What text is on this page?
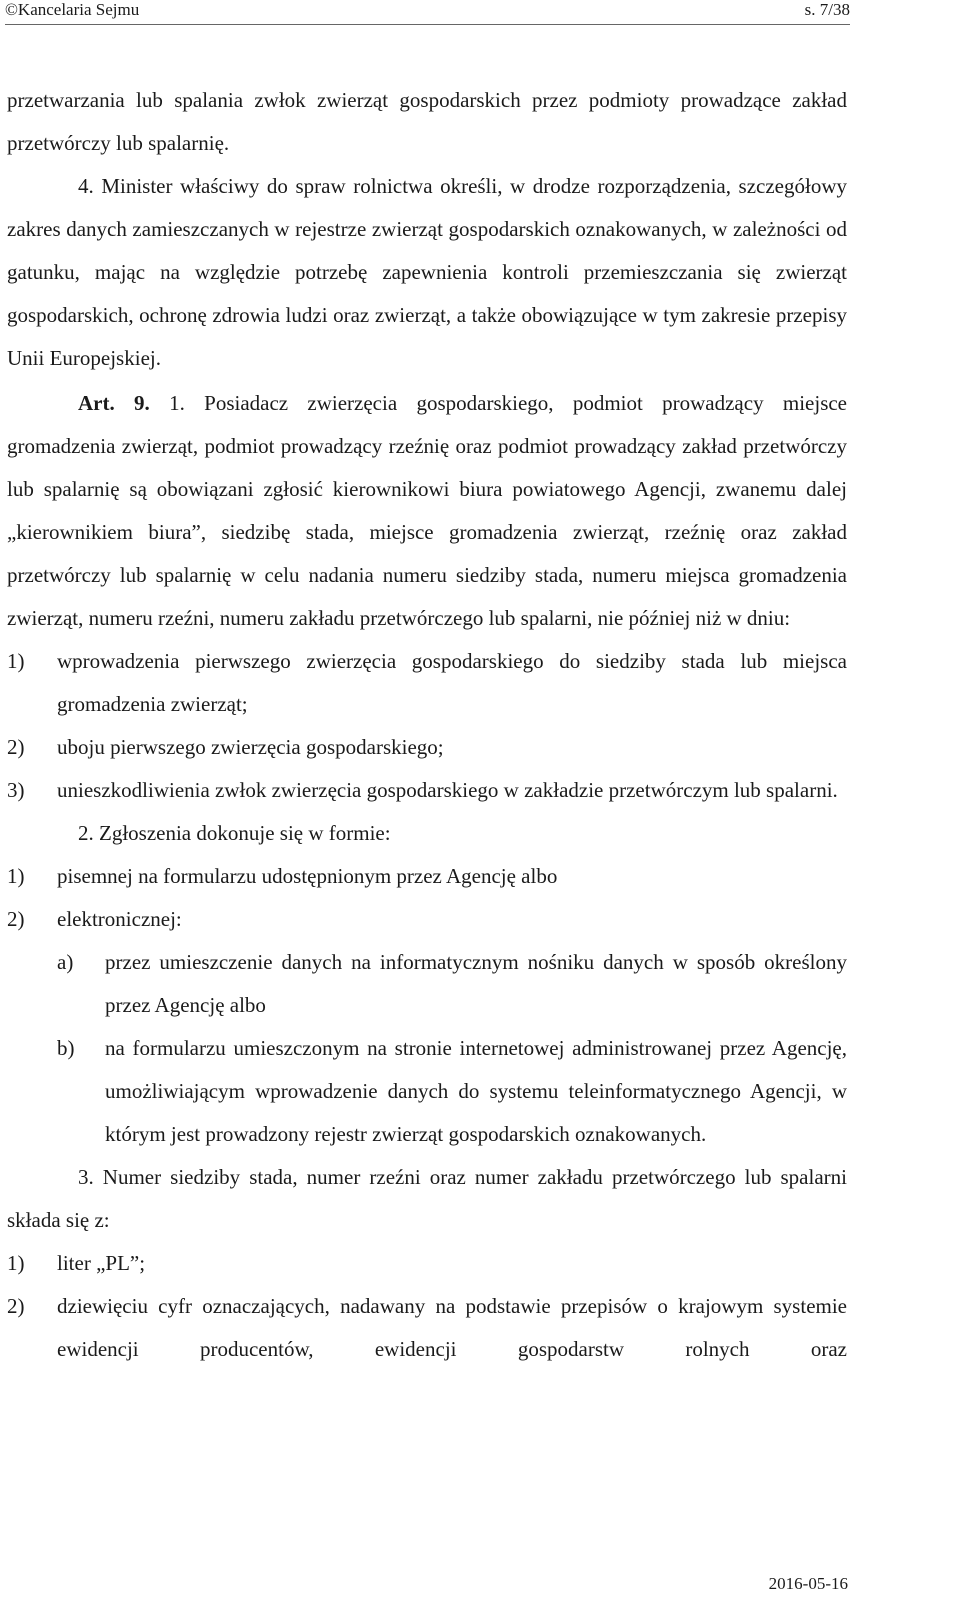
©Kancelaria Sejmu	s. 7/38

przetwarzania lub spalania zwłok zwierząt gospodarskich przez podmioty prowadzące zakład przetwórczy lub spalarnię.

4. Minister właściwy do spraw rolnictwa określi, w drodze rozporządzenia, szczegółowy zakres danych zamieszczanych w rejestrze zwierząt gospodarskich oznakowanych, w zależności od gatunku, mając na względzie potrzebę zapewnienia kontroli przemieszczania się zwierząt gospodarskich, ochronę zdrowia ludzi oraz zwierząt, a także obowiązujące w tym zakresie przepisy Unii Europejskiej.

Art. 9. 1. Posiadacz zwierzęcia gospodarskiego, podmiot prowadzący miejsce gromadzenia zwierząt, podmiot prowadzący rzeźnię oraz podmiot prowadzący zakład przetwórczy lub spalarnię są obowiązani zgłosić kierownikowi biura powiatowego Agencji, zwanemu dalej „kierownikiem biura”, siedzibę stada, miejsce gromadzenia zwierząt, rzeźnię oraz zakład przetwórczy lub spalarnię w celu nadania numeru siedziby stada, numeru miejsca gromadzenia zwierząt, numeru rzeźni, numeru zakładu przetwórczego lub spalarni, nie później niż w dniu:

1) wprowadzenia pierwszego zwierzęcia gospodarskiego do siedziby stada lub miejsca gromadzenia zwierząt;
2) uboju pierwszego zwierzęcia gospodarskiego;
3) unieszkodliwienia zwłok zwierzęcia gospodarskiego w zakładzie przetwórczym lub spalarni.

2. Zgłoszenia dokonuje się w formie:

1) pisemnej na formularzu udostępnionym przez Agencję albo
2) elektronicznej:
a) przez umieszczenie danych na informatycznym nośniku danych w sposób określony przez Agencję albo
b) na formularzu umieszczonym na stronie internetowej administrowanej przez Agencję, umożliwiającym wprowadzenie danych do systemu teleinformatycznego Agencji, w którym jest prowadzony rejestr zwierząt gospodarskich oznakowanych.

3. Numer siedziby stada, numer rzeźni oraz numer zakładu przetwórczego lub spalarni składa się z:

1) liter „PL”;
2) dziewięciu cyfr oznaczających, nadawany na podstawie przepisów o krajowym systemie ewidencji producentów, ewidencji gospodarstw rolnych oraz
2016-05-16
